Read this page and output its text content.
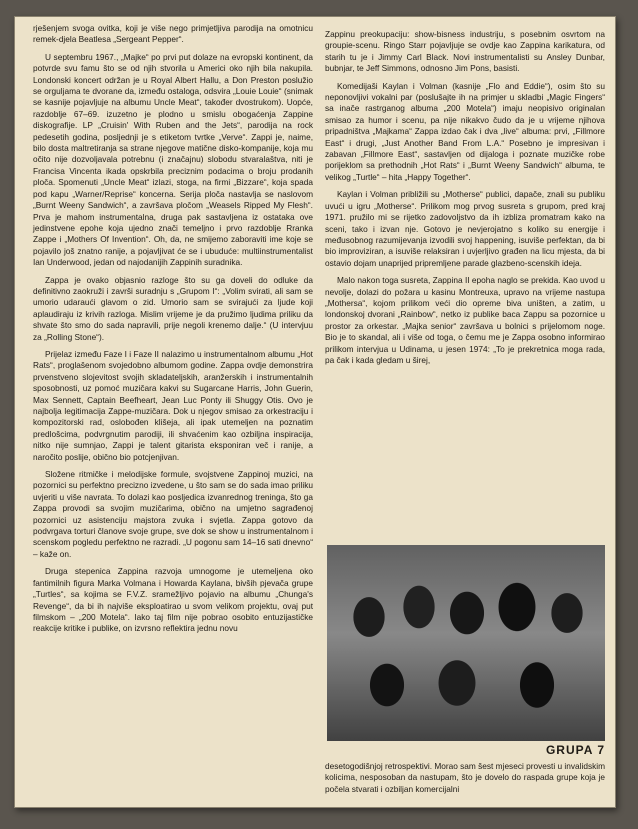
rješenjem svoga ovitka, koji je više nego primjetljiva parodija na omotnicu remek-djela Beatlesa „Sergeant Pepper“.

U septembru 1967., „Majke“ po prvi put dolaze na evropski kontinent, da potvrde svu famu što se od njih stvorila u Americi oko njih bila nakupila. Londonski koncert održan je u Royal Albert Hallu, a Don Preston poslužio se orguljama te dvorane da, između ostaloga, odsvira „Louie Louie“ (snimak se kasnije pojavljuje na albumu Uncle Meat“, također dvostrukom). Uopće, razdoblje 67–69. izuzetno je plodno u smislu obogaćenja Zappine diskografije. LP „Cruisin' With Ruben and the Jets“, parodija na rock pedesetih godina, posljednji je s etiketom tvrtke „Verve“. Zappi je, naime, bilo dosta maltretiranja sa strane njegove matične disko-kompanije, koja mu očito nije dozvoljavala potrebnu (i značajnu) slobodu stvaralaštva, niti je Francisa Vincenta ikada opskrbila preciznim podacima o broju prodanih ploča. Spomenuti „Uncle Meat“ izlazi, stoga, na firmi „Bizzare“, koja spada pod kapu „Warner/Reprise“ koncerna. Serija ploča nastavlja se naslovom „Burnt Weeny Sandwich“, a završava pločom „Weasels Ripped My Flesh“. Prva je mahom instrumentalna, druga pak sastavljena iz ostataka ove jedinstvene epohe koja ujedno znači temeljno i prvo razdoblje Rranka Zappe i „Mothers Of Invention“. Oh, da, ne smijemo zaboraviti ime koje se pojavilo još znatno ranije, a pojavljivat će se i ubuduće: multiinstrumentalist Ian Underwood, jedan od najodanijih Zappinih suradnika.

Zappa je ovako objasnio razloge što su ga doveli do odluke da definitivno zaokruži i završi suradnju s „Grupom I“: „Volim svirati, ali sam se umorio udaraući glavom o zid. Umorio sam se svirajući za ljude koji aplaudiraju iz krivih razloga. Mislim vrijeme je da pružimo ljudima priliku da shvate što smo do sada napravili, prije negoli krenemo dalje.“ (U intervjuu za „Rolling Stone“).

Prijelaz između Faze I i Faze II nalazimo u instrumentalnom albumu „Hot Rats“, proglašenom svojedobno albumom godine. Zappa ovdje demonstrira prvenstveno slojevitost svojih skladateljskih, aranžerskih i instrumentalnih sposobnosti, uz pomoć muzičara kakvi su Sugarcane Harris, John Guerin, Max Sennett, Captain Beefheart, Jean Luc Ponty ili Shuggy Otis. Ovo je najbolja legitimacija Zappe-muzičara. Dok u njegov smisao za orkestraciju i kompozitorski rad, oslobođen klišeja, ali ipak utemeljen na poznatim predlošcima, podvrgnutim parodiji, ili shvaćenim kao ozbiljna inspiracija, nitko nije sumnjao, Zappi je talent gitarista eksponiran več i ranije, a naročito poslije, obično bio potcjenjivan.

Složene ritmičke i melodijske formule, svojstvene Zappinoj muzici, na pozornici su perfektno precizno izvedene, u što sam se do sada imao priliku uvjeriti u više navrata. To dolazi kao posljedica izvanrednog treninga, što ga Zappa provodi sa svojim muzičarima, obično na umjetno sagrađenoj pozornici uz asistenciju majstora zvuka i svjetla. Zappa gotovo da podvrgava torturi članove svoje grupe, sve dok se show u instrumentalnom i scenskom pogledu perfektno ne razradi. „U pogonu sam 14–16 sati dnevno“ – kaže on.

Druga stepenica Zappina razvoja umnogome je utemeljena oko fantimilnih figura Marka Volmana i Howarda Kaylana, bivših pjevača grupe „Turtles“, sa kojima se F.V.Z. sramežljivo pojavio na albumu „Chunga's Revenge“, da bi ih najviše eksploatirao u svom velikom projektu, ovaj put filmskom – „200 Motela“. Iako taj film nije pobrao osobito entuzijastičke reakcije kritike i publike, on izvrsno reflektira jednu novu

Zappinu preokupaciju: show-bisness industriju, s posebnim osvrtom na groupie-scenu. Ringo Starr pojavljuje se ovdje kao Zappina karikatura, od starih tu je i Jimmy Carl Black. Novi instrumentalisti su Ansley Dunbar, bubnjar, te Jeff Simmons, odnosno Jim Pons, basisti.

Komedijaši Kaylan i Volman (kasnije „Flo and Eddie“), osim što su neponovljivi vokalni par (poslušajte ih na primjer u skladbi „Magic Fingers“ sa inače rastrganog albuma „200 Motela“) imaju neopisivo originalan smisao za humor i scenu, pa nije nikakvo čudo da je u vrijeme njihova pripadništva „Majkama“ Zappa izdao čak i dva „live“ albuma: prvi, „Fillmore East“ i drugi, „Just Another Band From L.A.“ Posebno je impresivan i zabavan „Fillmore East“, sastavljen od dijaloga i poznate muzičke robe porijeklom sa prethodnih „Hot Rats“ i „Burnt Weeny Sandwich“ albuma, te velikog „Turtle“ – hita „Happy Together“.

Kaylan i Volman približili su „Motherse“ publici, dapače, znali su publiku uvući u igru „Motherse“. Prilikom mog prvog susreta s grupom, pred kraj 1971. pružilo mi se rijetko zadovoljstvo da ih izbliza promatram kako na sceni, tako i izvan nje. Gotovo je nevjerojatno s koliko su energije i međusobnog razumijevanja izvodili svoj happening, isuviše perfektan, da bi bio improviziran, a isuviše relaksiran i uvjerljivo građen na licu mjesta, da bi ostavio dojam unaprijed pripremljene parade glazbeno-scenskih ideja.

Malo nakon toga susreta, Zappina II epoha naglo se prekida. Kao uvod u nevolje, dolazi do požara u kasinu Montreuxa, upravo na vrijeme nastupa „Mothersa“, kojom prilikom veći dio opreme biva uništen, a zatim, u londonskoj dvorani „Rainbow“, netko iz publike baca Zappu sa pozornice u prostor za orkestar. „Majka senior“ završava u bolnici s prijelomom noge. Bio je to skandal, ali i više od toga, o čemu me je Zappa osobno informirao prilikom intervjua u Udinama, u jesen 1974: „To je prekretnica moga rada, pa čak i kada gledam u širej,

GRUPA 7

desetogodišnjoj retrospektivi. Morao sam šest mjeseci provesti u invalidskim kolicima, nesposoban da nastupam, što je dovelo do raspada grupe koja je počela stvarati i ozbiljan komercijalni
